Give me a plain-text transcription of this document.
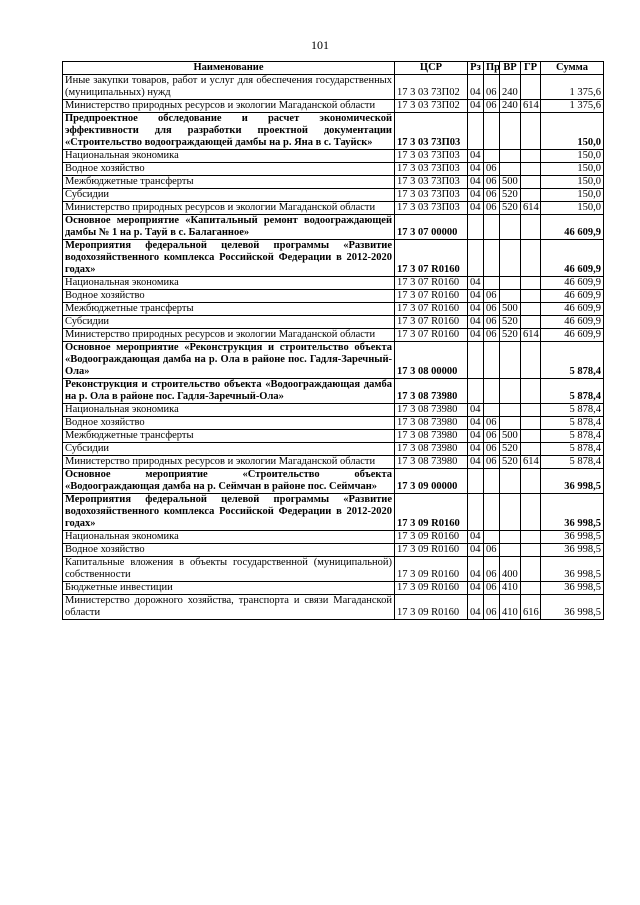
101
Наименование	ЦСР	Рз	Пр	ВР	ГР	Сумма
Иные закупки товаров, работ и услуг для обеспечения государственных (муниципальных) нужд	17 3 03 73П02	04	06	240		1 375,6
Министерство природных ресурсов и экологии Магаданской области	17 3 03 73П02	04	06	240	614	1 375,6
Предпроектное обследование и расчет экономической эффективности для разработки проектной документации «Строительство водоограждающей дамбы на р. Яна в с. Тауйск»	17 3 03 73П03					150,0
Национальная экономика	17 3 03 73П03	04				150,0
Водное хозяйство	17 3 03 73П03	04	06			150,0
Межбюджетные трансферты	17 3 03 73П03	04	06	500		150,0
Субсидии	17 3 03 73П03	04	06	520		150,0
Министерство природных ресурсов и экологии Магаданской области	17 3 03 73П03	04	06	520	614	150,0
Основное мероприятие «Капитальный ремонт водоограждающей дамбы № 1 на р. Тауй в с. Балаганное»	17 3 07 00000					46 609,9
Мероприятия федеральной целевой программы «Развитие водохозяйственного комплекса Российской Федерации в 2012-2020 годах»	17 3 07 R0160					46 609,9
Национальная экономика	17 3 07 R0160	04				46 609,9
Водное хозяйство	17 3 07 R0160	04	06			46 609,9
Межбюджетные трансферты	17 3 07 R0160	04	06	500		46 609,9
Субсидии	17 3 07 R0160	04	06	520		46 609,9
Министерство природных ресурсов и экологии Магаданской области	17 3 07 R0160	04	06	520	614	46 609,9
Основное мероприятие «Реконструкция и строительство объекта «Водоограждающая дамба на р. Ола в районе пос. Гадля-Заречный-Ола»	17 3 08 00000					5 878,4
Реконструкция и строительство объекта «Водоограждающая дамба на р. Ола в районе пос. Гадля-Заречный-Ола»	17 3 08 73980					5 878,4
Национальная экономика	17 3 08 73980	04				5 878,4
Водное хозяйство	17 3 08 73980	04	06			5 878,4
Межбюджетные трансферты	17 3 08 73980	04	06	500		5 878,4
Субсидии	17 3 08 73980	04	06	520		5 878,4
Министерство природных ресурсов и экологии Магаданской области	17 3 08 73980	04	06	520	614	5 878,4
Основное мероприятие «Строительство объекта «Водоограждающая дамба на р. Сеймчан в районе пос. Сеймчан»	17 3 09 00000					36 998,5
Мероприятия федеральной целевой программы «Развитие водохозяйственного комплекса Российской Федерации в 2012-2020 годах»	17 3 09 R0160					36 998,5
Национальная экономика	17 3 09 R0160	04				36 998,5
Водное хозяйство	17 3 09 R0160	04	06			36 998,5
Капитальные вложения в объекты государственной (муниципальной) собственности	17 3 09 R0160	04	06	400		36 998,5
Бюджетные инвестиции	17 3 09 R0160	04	06	410		36 998,5
Министерство дорожного хозяйства, транспорта и связи Магаданской области	17 3 09 R0160	04	06	410	616	36 998,5
